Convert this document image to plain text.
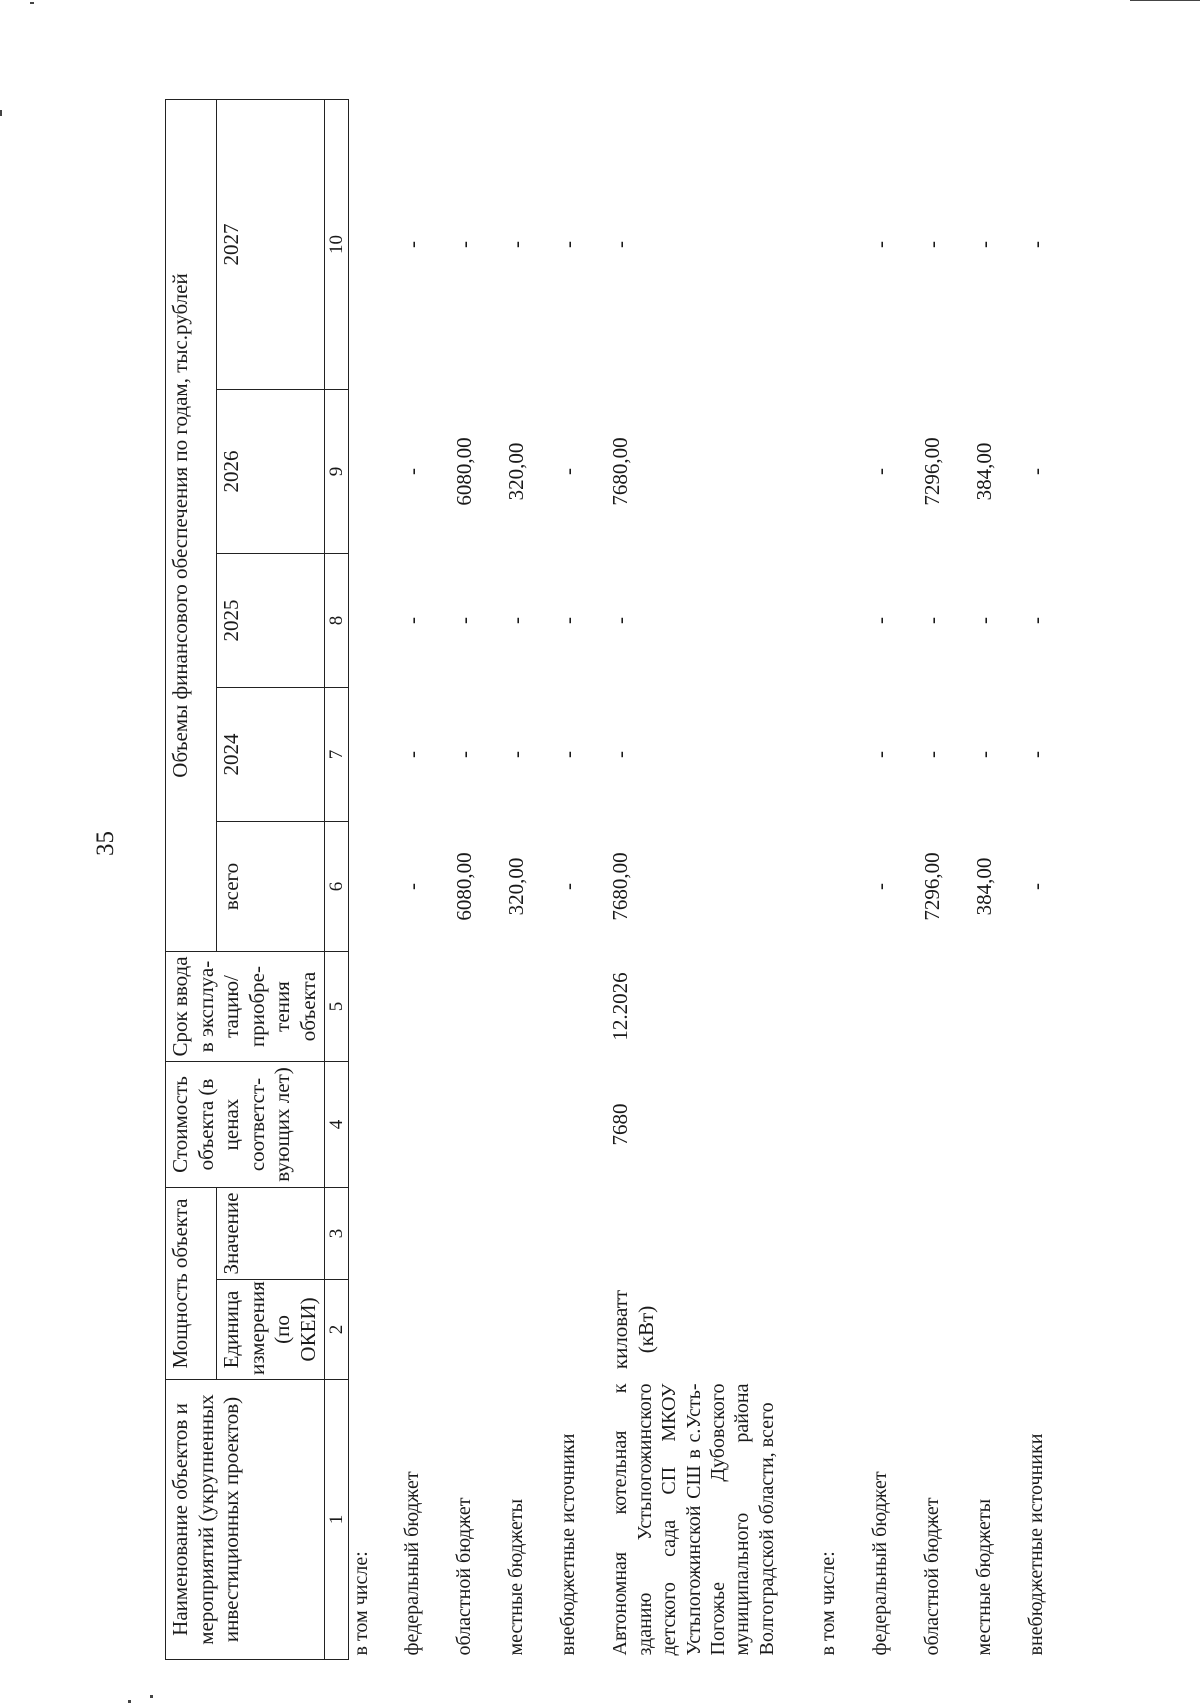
35
Наименование объектов и мероприятий (укрупненных инвестиционных проектов)	Мощность объекта		Стоимость объекта (в ценах соответст- вующих лет)	Срок ввода в эксплуа- тацию/ приобре- тения объекта	Объемы финансового обеспечения по годам, тыс.рублей				
	Единица измерения (по ОКЕИ)	Значение			всего	2024	2025	2026	2027
1	2	3	4	5	6	7	8	9	10
в том числе:									
федеральный бюджет					-	-	-	-	-
областной бюджет					6080,00	-	-	6080,00	-
местные бюджеты					320,00	-	-	320,00	-
внебюджетные источники					-	-	-	-	-
Автономная котельная к зданию Устьпогожинского детского сада СП МКОУ Устьпогожинской СШ в с.Усть-Погожье Дубовского муниципального района Волгоградской области, всего	киловатт (кВт)		7680	12.2026	7680,00	-	-	7680,00	-
в том числе:									
федеральный бюджет					-	-	-	-	-
областной бюджет					7296,00	-	-	7296,00	-
местные бюджеты					384,00	-	-	384,00	-
внебюджетные источники					-	-	-	-	-
